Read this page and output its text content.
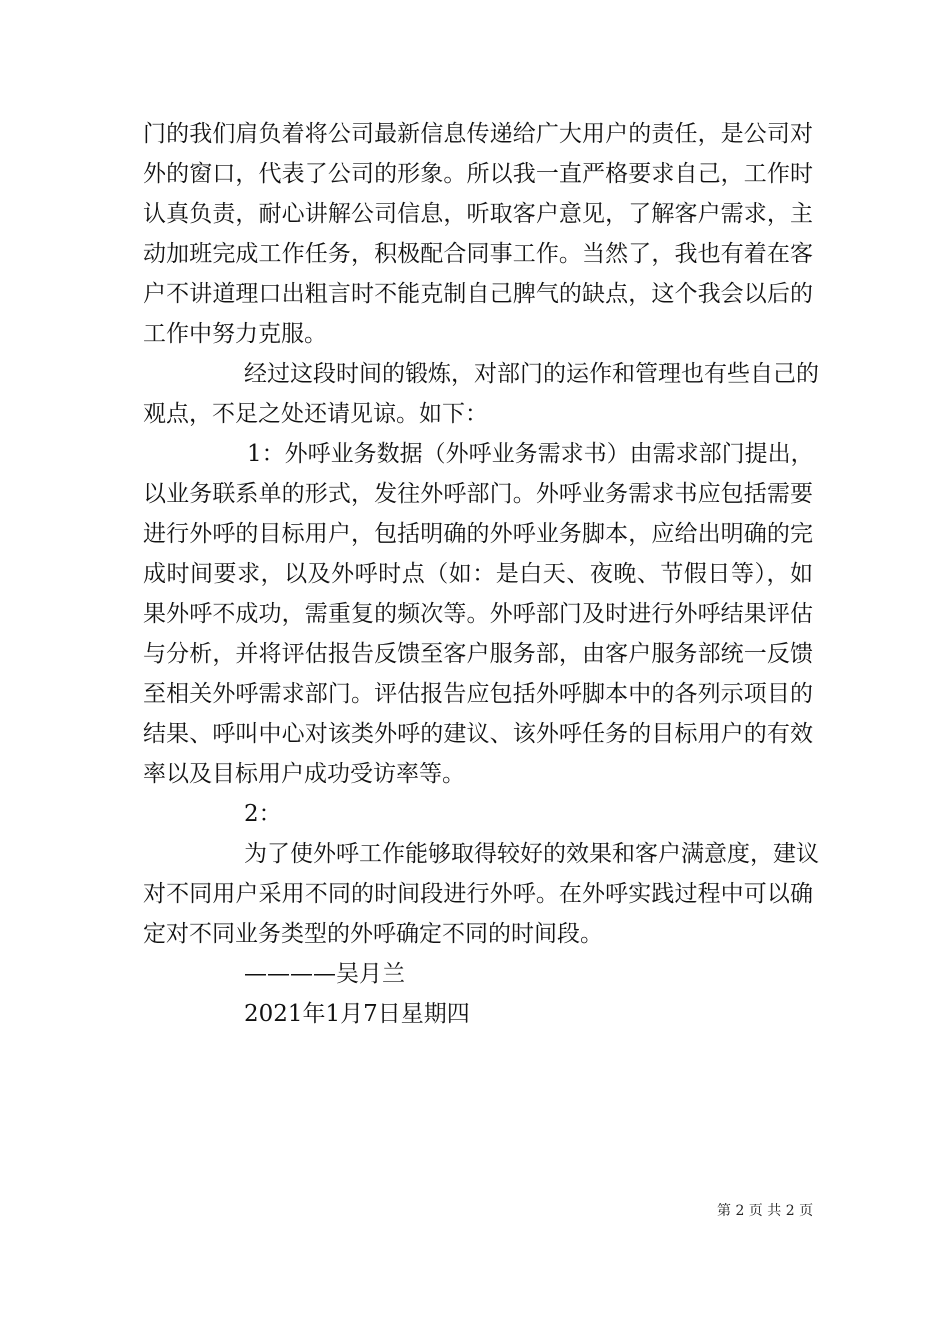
门的我们肩负着将公司最新信息传递给广大用户的责任，是公司对
外的窗口，代表了公司的形象。所以我一直严格要求自己，工作时
认真负责，耐心讲解公司信息，听取客户意见，了解客户需求，主
动加班完成工作任务，积极配合同事工作。当然了，我也有着在客
户不讲道理口出粗言时不能克制自己脾气的缺点，这个我会以后的
工作中努力克服。
经过这段时间的锻炼，对部门的运作和管理也有些自己的
观点，不足之处还请见谅。如下：
1：外呼业务数据（外呼业务需求书）由需求部门提出，
以业务联系单的形式，发往外呼部门。外呼业务需求书应包括需要
进行外呼的目标用户，包括明确的外呼业务脚本，应给出明确的完
成时间要求，以及外呼时点（如：是白天、夜晚、节假日等），如
果外呼不成功，需重复的频次等。外呼部门及时进行外呼结果评估
与分析，并将评估报告反馈至客户服务部，由客户服务部统一反馈
至相关外呼需求部门。评估报告应包括外呼脚本中的各列示项目的
结果、呼叫中心对该类外呼的建议、该外呼任务的目标用户的有效
率以及目标用户成功受访率等。
2：
为了使外呼工作能够取得较好的效果和客户满意度，建议
对不同用户采用不同的时间段进行外呼。在外呼实践过程中可以确
定对不同业务类型的外呼确定不同的时间段。
————吴月兰
2021年1月7日星期四
第 2 页 共 2 页
